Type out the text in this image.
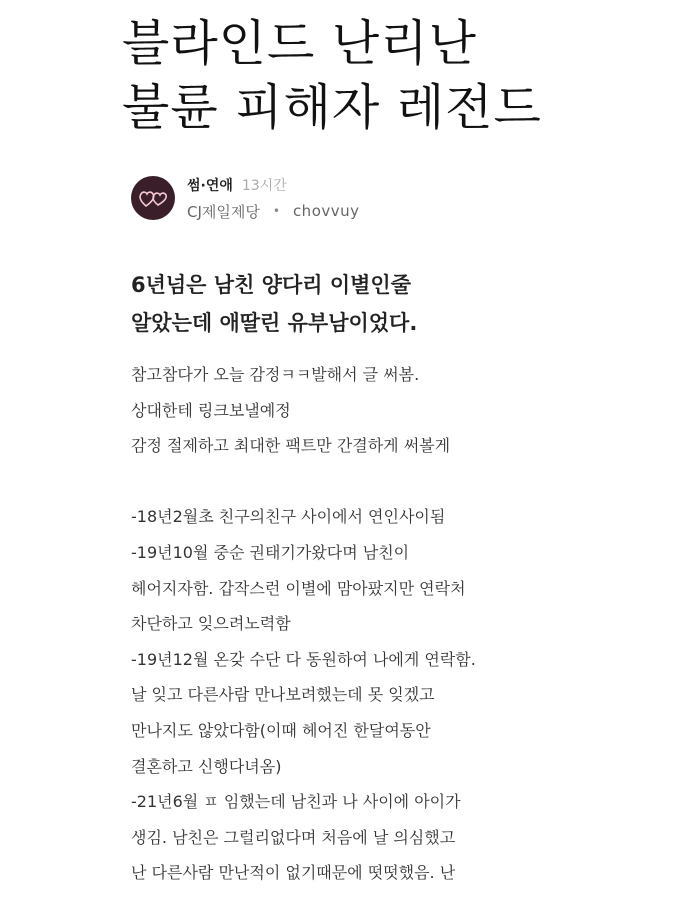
블라인드 난리난
불륜 피해자 레전드
썸·연애 13시간
CJ제일제당 • chovvuy
6년넘은 남친 양다리 이별인줄
알았는데 애딸린 유부남이었다.
참고참다가 오늘 감정ㅋㅋ발해서 글 써봄.
상대한테 링크보낼예정
감정 절제하고 최대한 팩트만 간결하게 써볼게
-18년2월초 친구의친구 사이에서 연인사이됨
-19년10월 중순 권태기가왔다며 남친이
헤어지자함. 갑작스런 이별에 맘아팠지만 연락처
차단하고 잊으려노력함
-19년12월 온갖 수단 다 동원하여 나에게 연락함.
날 잊고 다른사람 만나보려했는데 못 잊겠고
만나지도 않았다함(이때 헤어진 한달여동안
결혼하고 신행다녀옴)
-21년6월 ㅍ 임했는데 남친과 나 사이에 아이가
생김. 남친은 그럴리없다며 처음에 날 의심했고
난 다른사람 만난적이 없기때문에 떳떳했음. 난
